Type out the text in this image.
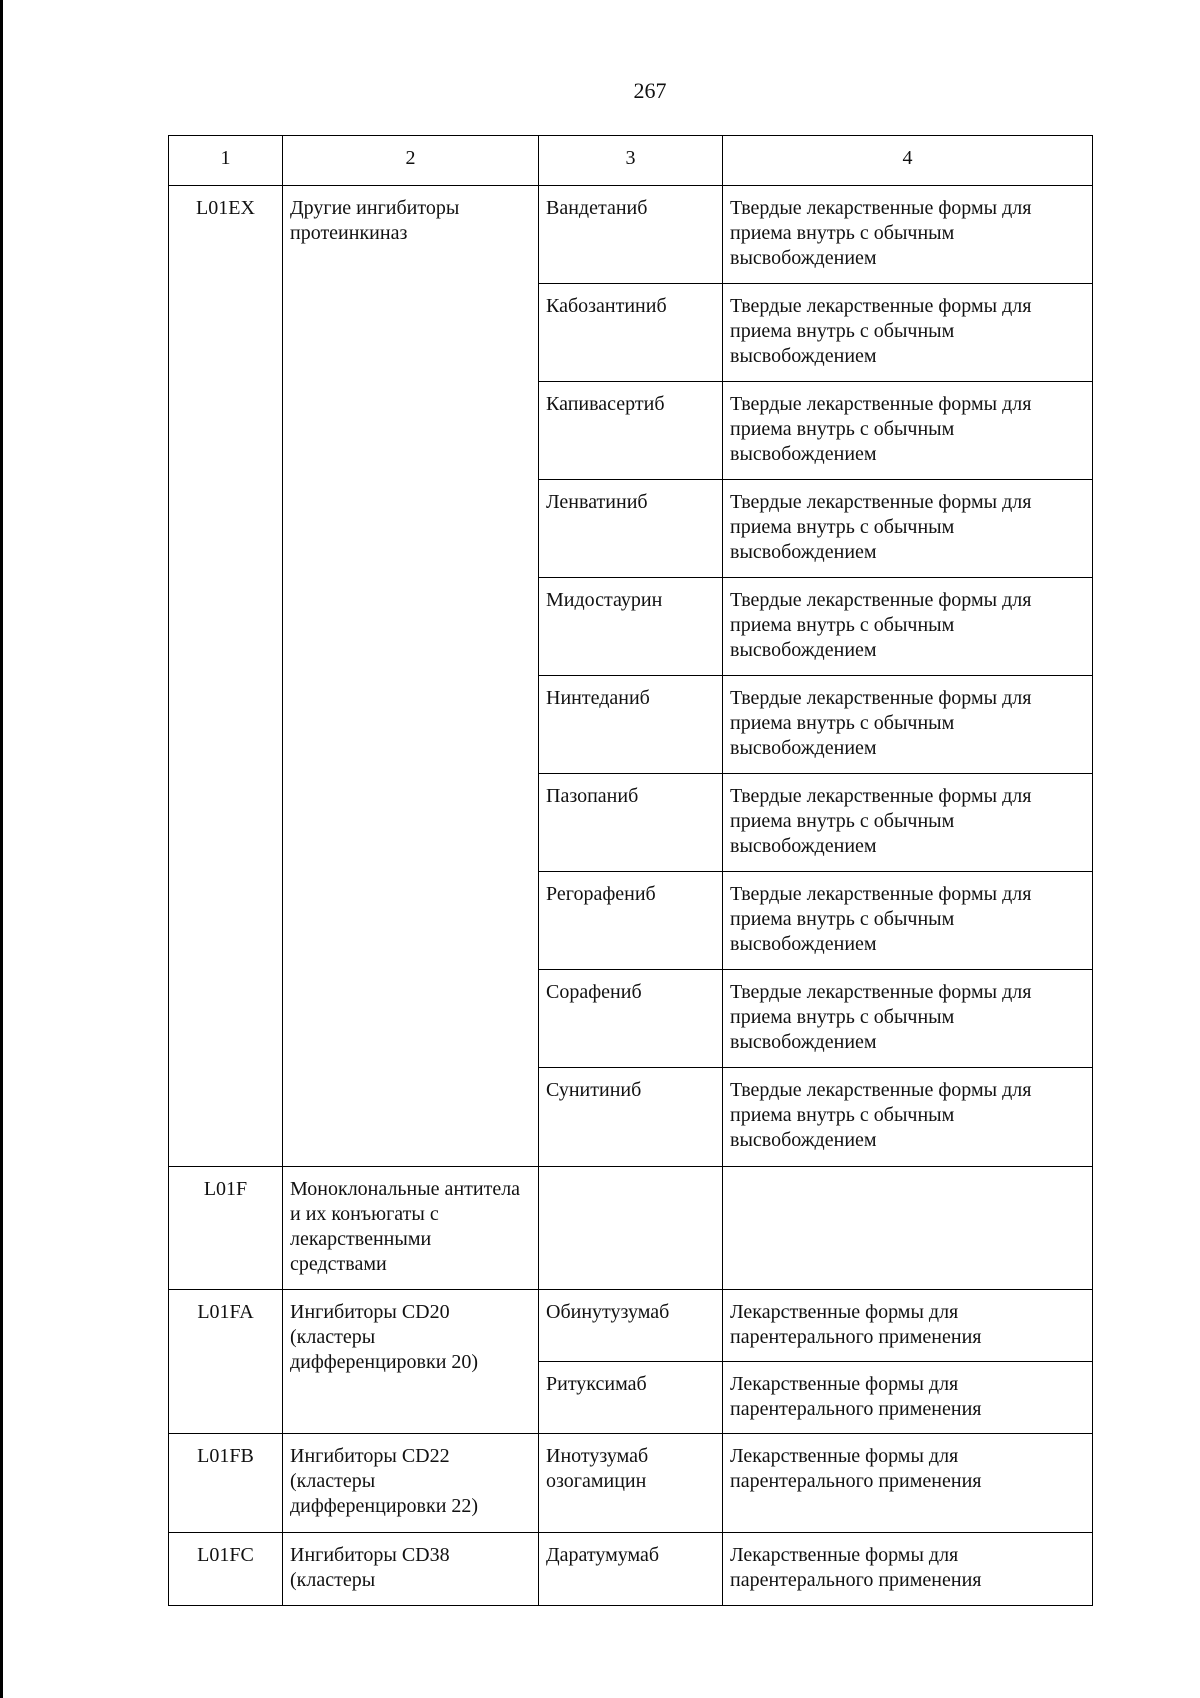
267
1	2	3	4
L01EX	Другие ингибиторы протеинкиназ	Вандетаниб	Твердые лекарственные формы для приема внутрь с обычным высвобождением
		Кабозантиниб	Твердые лекарственные формы для приема внутрь с обычным высвобождением
		Капивасертиб	Твердые лекарственные формы для приема внутрь с обычным высвобождением
		Ленватиниб	Твердые лекарственные формы для приема внутрь с обычным высвобождением
		Мидостаурин	Твердые лекарственные формы для приема внутрь с обычным высвобождением
		Нинтеданиб	Твердые лекарственные формы для приема внутрь с обычным высвобождением
		Пазопаниб	Твердые лекарственные формы для приема внутрь с обычным высвобождением
		Регорафениб	Твердые лекарственные формы для приема внутрь с обычным высвобождением
		Сорафениб	Твердые лекарственные формы для приема внутрь с обычным высвобождением
		Сунитиниб	Твердые лекарственные формы для приема внутрь с обычным высвобождением
L01F	Моноклональные антитела и их конъюгаты с лекарственными средствами		
L01FA	Ингибиторы CD20 (кластеры дифференцировки 20)	Обинутузумаб	Лекарственные формы для парентерального применения
		Ритуксимаб	Лекарственные формы для парентерального применения
L01FB	Ингибиторы CD22 (кластеры дифференцировки 22)	Инотузумаб озогамицин	Лекарственные формы для парентерального применения
L01FC	Ингибиторы CD38 (кластеры	Даратумумаб	Лекарственные формы для парентерального применения
